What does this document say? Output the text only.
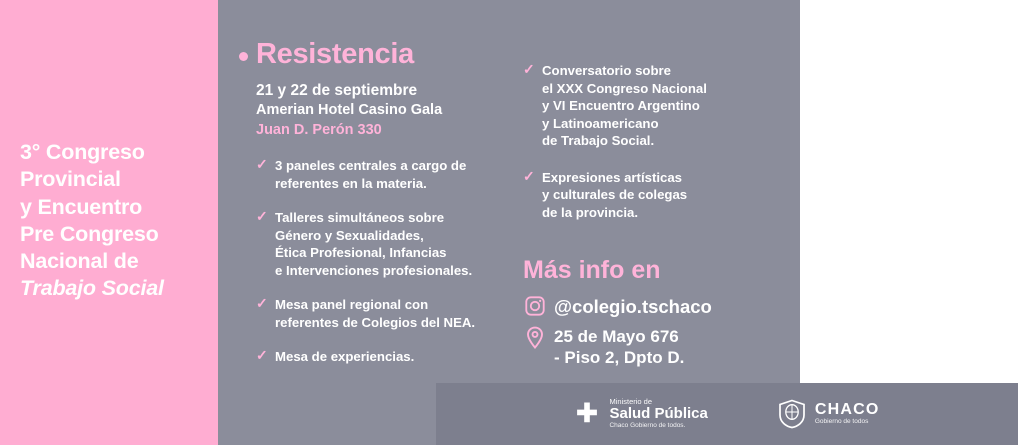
3° Congreso
Provincial
y Encuentro
Pre Congreso
Nacional de
Trabajo Social
Resistencia
21 y 22 de septiembre
Amerian Hotel Casino Gala
Juan D. Perón 330
✓ 3 paneles centrales a cargo de
referentes en la materia.
✓ Talleres simultáneos sobre
Género y Sexualidades,
Ética Profesional, Infancias
e Intervenciones profesionales.
✓ Mesa panel regional con
referentes de Colegios del NEA.
✓ Mesa de experiencias.
✓ Conversatorio sobre
el XXX Congreso Nacional
y VI Encuentro Argentino
y Latinoamericano
de Trabajo Social.
✓ Expresiones artísticas
y culturales de colegas
de la provincia.
Más info en
@colegio.tschaco
25 de Mayo 676
- Piso 2, Dpto D.
Ministerio de
Salud Pública
Chaco Gobierno de todos.
CHACO
Gobierno de todos
